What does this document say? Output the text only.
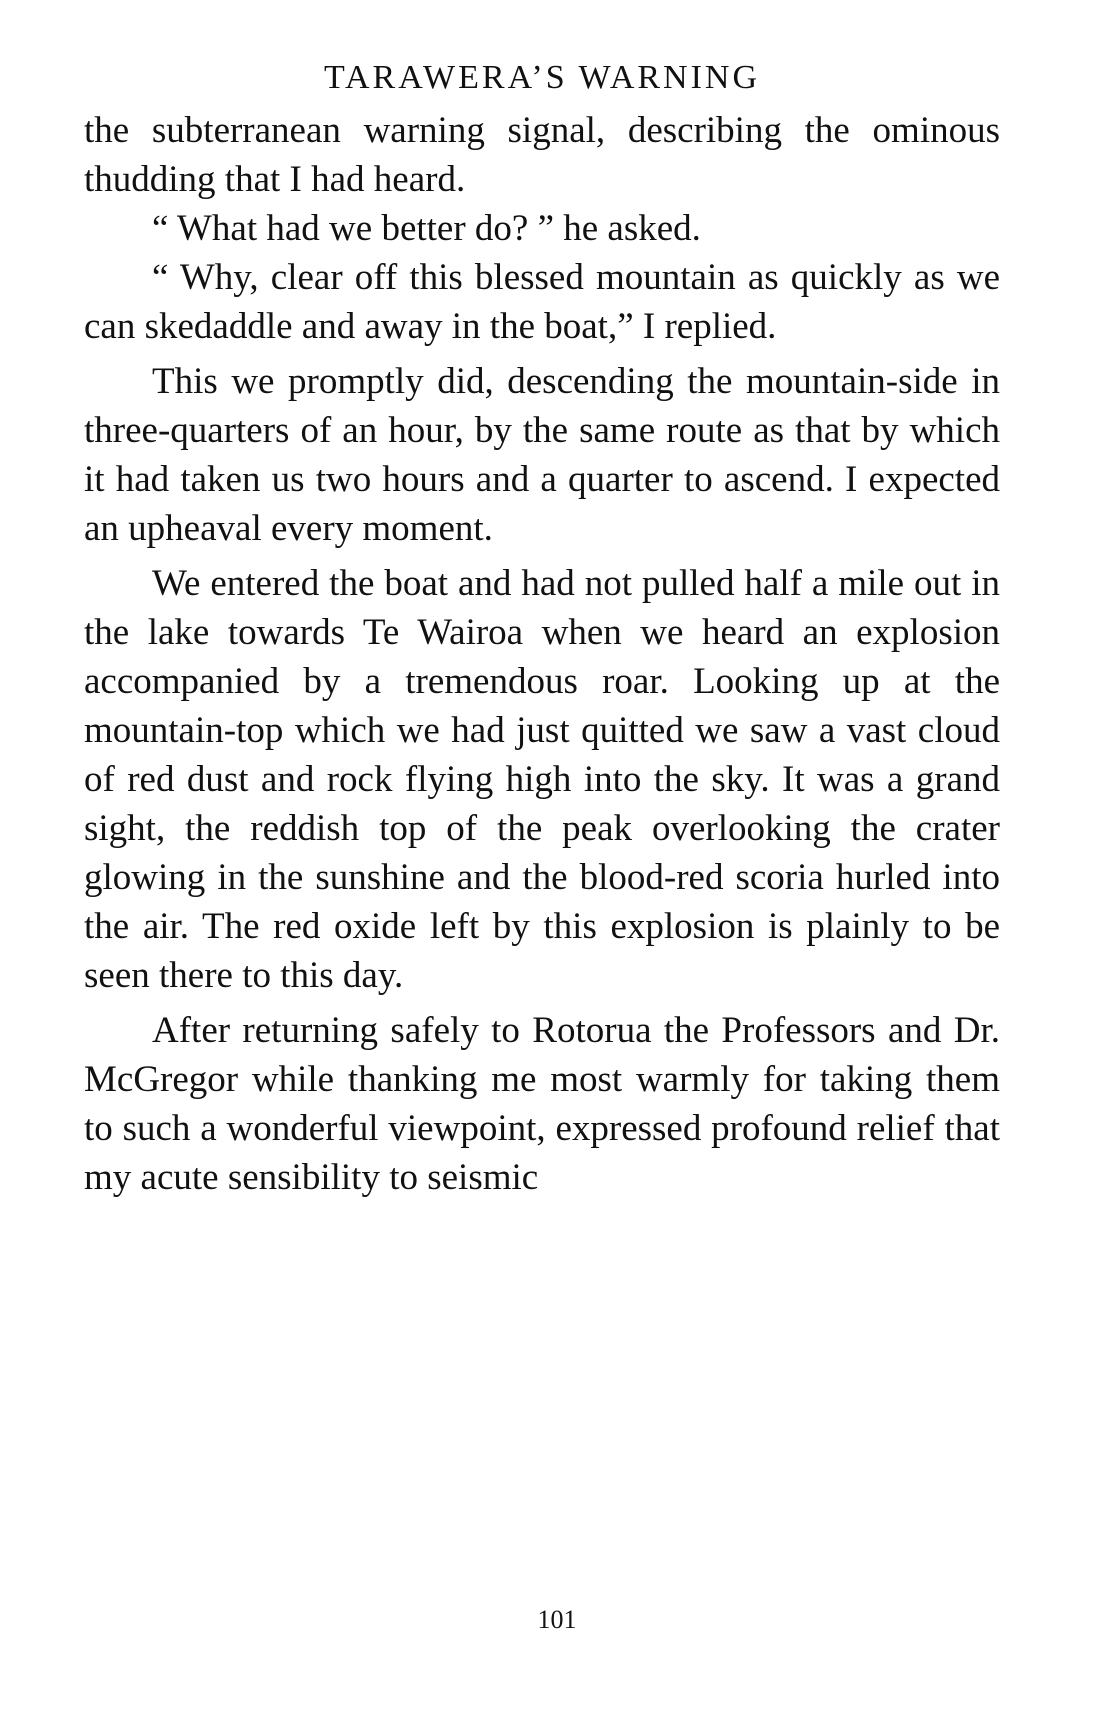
TARAWERA’S WARNING

the subterranean warning signal, describing the ominous thudding that I had heard.

“ What had we better do? ” he asked.

“ Why, clear off this blessed mountain as quickly as we can skedaddle and away in the boat,” I replied.

This we promptly did, descending the mountain-side in three-quarters of an hour, by the same route as that by which it had taken us two hours and a quarter to ascend. I expected an upheaval every moment.

We entered the boat and had not pulled half a mile out in the lake towards Te Wairoa when we heard an explosion accompanied by a tremendous roar. Looking up at the mountain-top which we had just quitted we saw a vast cloud of red dust and rock flying high into the sky. It was a grand sight, the reddish top of the peak overlooking the crater glowing in the sunshine and the blood-red scoria hurled into the air. The red oxide left by this explosion is plainly to be seen there to this day.

After returning safely to Rotorua the Professors and Dr. McGregor while thanking me most warmly for taking them to such a wonderful viewpoint, expressed profound relief that my acute sensibility to seismic

101
